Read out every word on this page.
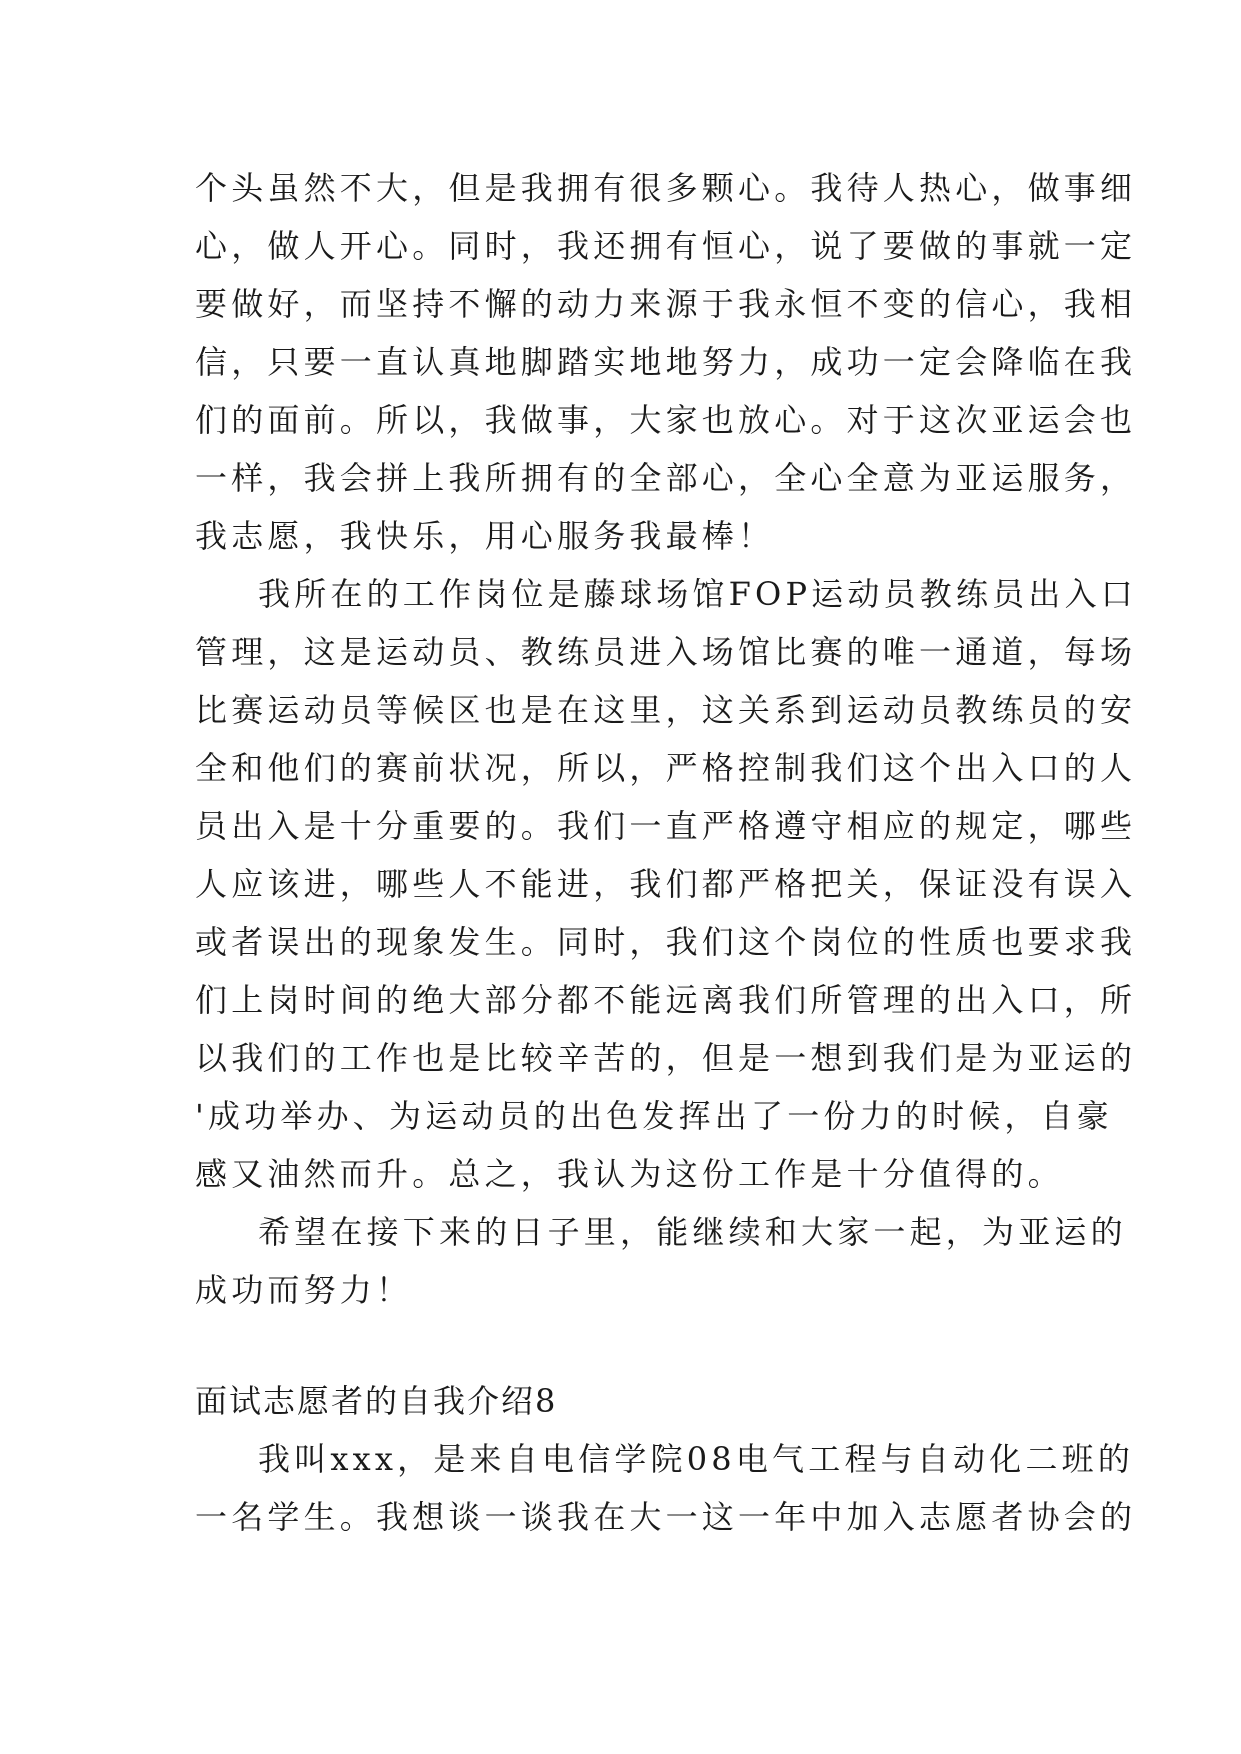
个头虽然不大，但是我拥有很多颗心。我待人热心，做事细
心，做人开心。同时，我还拥有恒心，说了要做的事就一定
要做好，而坚持不懈的动力来源于我永恒不变的信心，我相
信，只要一直认真地脚踏实地地努力，成功一定会降临在我
们的面前。所以，我做事，大家也放心。对于这次亚运会也
一样，我会拼上我所拥有的全部心，全心全意为亚运服务，
我志愿，我快乐，用心服务我最棒！
我所在的工作岗位是藤球场馆FOP运动员教练员出入口
管理，这是运动员、教练员进入场馆比赛的唯一通道，每场
比赛运动员等候区也是在这里，这关系到运动员教练员的安
全和他们的赛前状况，所以，严格控制我们这个出入口的人
员出入是十分重要的。我们一直严格遵守相应的规定，哪些
人应该进，哪些人不能进，我们都严格把关，保证没有误入
或者误出的现象发生。同时，我们这个岗位的性质也要求我
们上岗时间的绝大部分都不能远离我们所管理的出入口，所
以我们的工作也是比较辛苦的，但是一想到我们是为亚运的
'成功举办、为运动员的出色发挥出了一份力的时候，自豪
感又油然而升。总之，我认为这份工作是十分值得的。
希望在接下来的日子里，能继续和大家一起，为亚运的
成功而努力！
面试志愿者的自我介绍8
我叫xxx，是来自电信学院08电气工程与自动化二班的
一名学生。我想谈一谈我在大一这一年中加入志愿者协会的
